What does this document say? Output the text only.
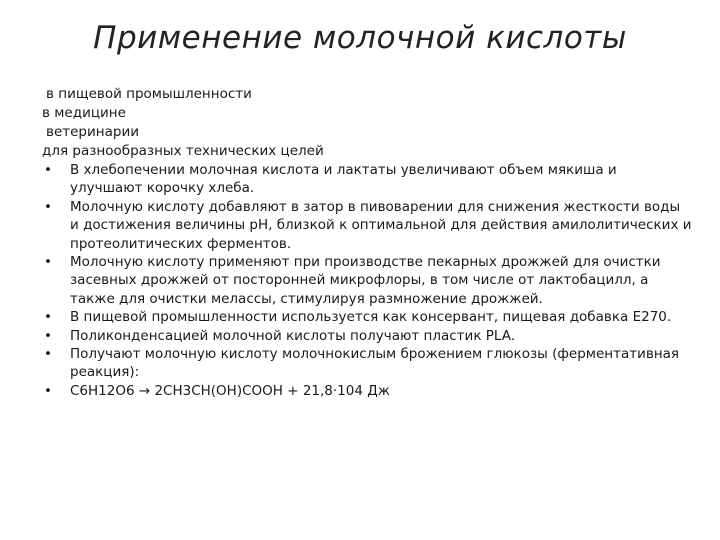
Применение молочной кислоты
в пищевой промышленности
в медицине
ветеринарии
для разнообразных технических целей
•	В хлебопечении молочная кислота и лактаты увеличивают объем мякиша и улучшают корочку хлеба.
•	Молочную кислоту добавляют в затор в пивоварении для снижения жесткости воды и достижения величины рН, близкой к оптимальной для действия амилолитических и протеолитических ферментов.
•	Молочную кислоту применяют при производстве пекарных дрожжей для очистки засевных дрожжей от посторонней микрофлоры, в том числе от лактобацилл, а также для очистки мелассы, стимулируя размножение дрожжей.
•	В пищевой промышленности используется как консервант, пищевая добавка Е270.
•	Поликонденсацией молочной кислоты получают пластик PLA.
•	Получают молочную кислоту молочнокислым брожением глюкозы (ферментативная реакция):
•	С6Н12О6 → 2СН3СН(ОН)СООН + 21,8·104 Дж
